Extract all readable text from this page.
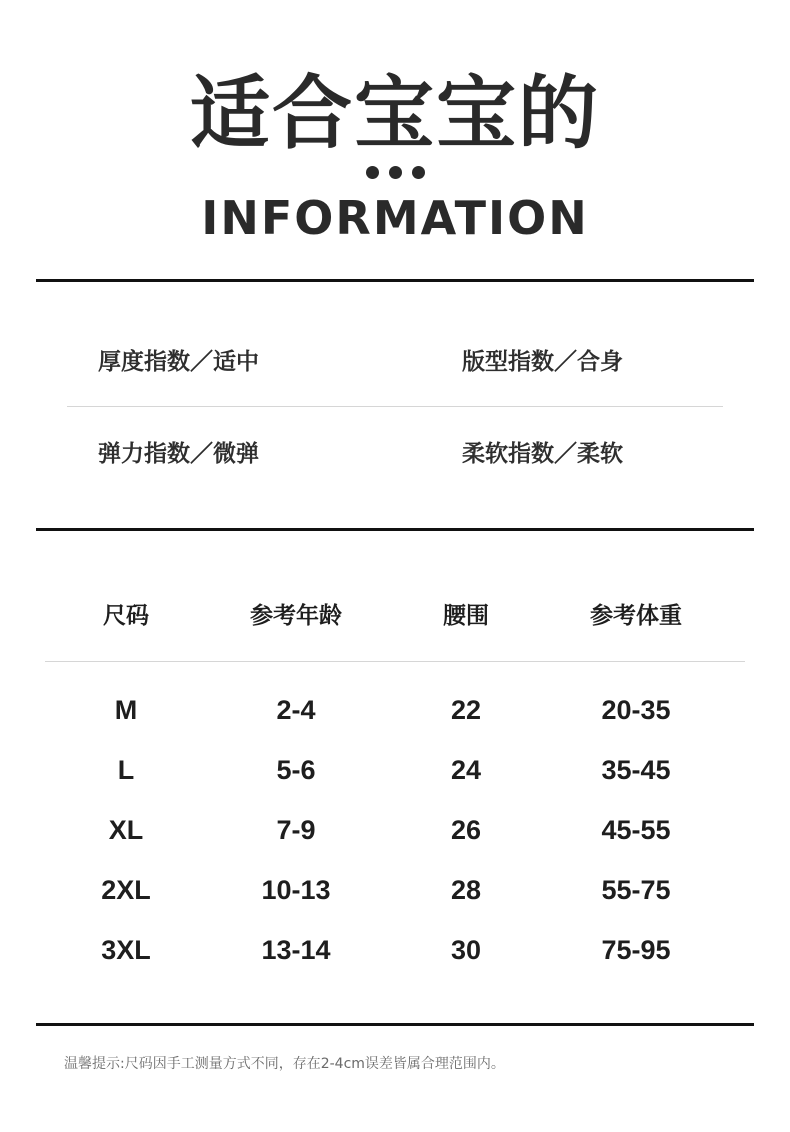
适合宝宝的
INFORMATION
厚度指数／适中	版型指数／合身
弹力指数／微弹	柔软指数／柔软
尺码	参考年龄	腰围	参考体重
M	2-4	22	20-35
L	5-6	24	35-45
XL	7-9	26	45-55
2XL	10-13	28	55-75
3XL	13-14	30	75-95
温馨提示:尺码因手工测量方式不同，存在2-4cm误差皆属合理范围内。
